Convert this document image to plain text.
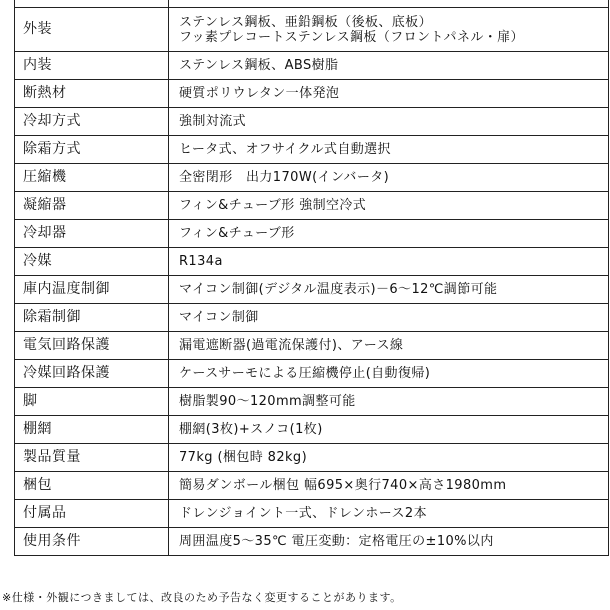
外装	ステンレス鋼板、亜鉛鋼板（後板、底板）
フッ素プレコートステンレス鋼板（フロントパネル・扉）

内装	ステンレス鋼板、ABS樹脂
断熱材	硬質ポリウレタン一体発泡
冷却方式	強制対流式
除霜方式	ヒータ式、オフサイクル式自動選択
圧縮機	全密閉形　出力170W(インバータ)
凝縮器	フィン&チューブ形 強制空冷式
冷却器	フィン&チューブ形
冷媒	R134a
庫内温度制御	マイコン制御(デジタル温度表示)－6～12℃調節可能
除霜制御	マイコン制御
電気回路保護	漏電遮断器(過電流保護付)、アース線
冷媒回路保護	ケースサーモによる圧縮機停止(自動復帰)
脚	樹脂製90～120mm調整可能
棚網	棚網(3枚)+スノコ(1枚)
製品質量	77kg (梱包時 82kg)
梱包	簡易ダンボール梱包 幅695×奥行740×高さ1980mm
付属品	ドレンジョイント一式、ドレンホース2本
使用条件	周囲温度5～35℃ 電圧変動：定格電圧の±10%以内
※仕様・外観につきましては、改良のため予告なく変更することがあります。
